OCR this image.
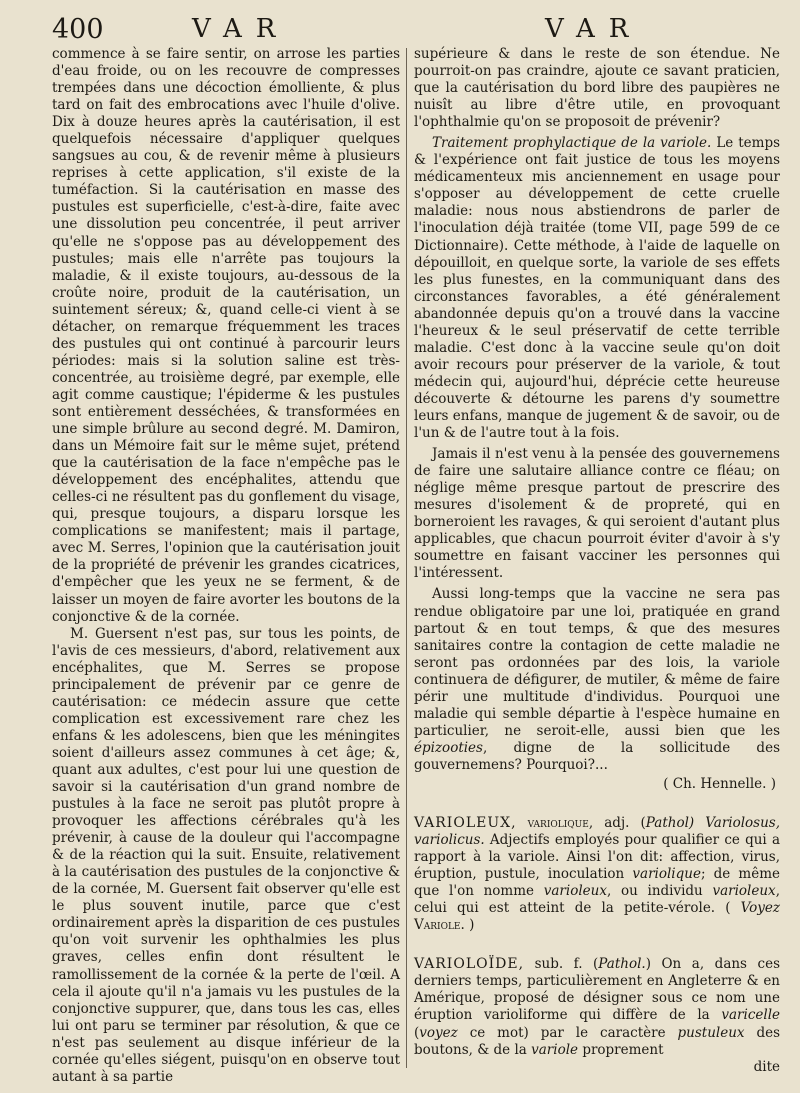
400	VAR	VAR

commence à se faire sentir, on arrose les parties d'eau froide, ou on les recouvre de compresses trempées dans une décoction émolliente, & plus tard on fait des embrocations avec l'huile d'olive. Dix à douze heures après la cautérisation, il est quelquefois nécessaire d'appliquer quelques sangsues au cou, & de revenir même à plusieurs reprises à cette application, s'il existe de la tuméfaction. Si la cautérisation en masse des pustules est superficielle, c'est-à-dire, faite avec une dissolution peu concentrée, il peut arriver qu'elle ne s'oppose pas au développement des pustules; mais elle n'arrête pas toujours la maladie, & il existe toujours, au-dessous de la croûte noire, produit de la cautérisation, un suintement séreux; &, quand celle-ci vient à se détacher, on remarque fréquemment les traces des pustules qui ont continué à parcourir leurs périodes: mais si la solution saline est très-concentrée, au troisième degré, par exemple, elle agit comme caustique; l'épiderme & les pustules sont entièrement desséchées, & transformées en une simple brûlure au second degré. M. Damiron, dans un Mémoire fait sur le même sujet, prétend que la cautérisation de la face n'empêche pas le développement des encéphalites, attendu que celles-ci ne résultent pas du gonflement du visage, qui, presque toujours, a disparu lorsque les complications se manifestent; mais il partage, avec M. Serres, l'opinion que la cautérisation jouit de la propriété de prévenir les grandes cicatrices, d'empêcher que les yeux ne se ferment, & de laisser un moyen de faire avorter les boutons de la conjonctive & de la cornée.

M. Guersent n'est pas, sur tous les points, de l'avis de ces messieurs, d'abord, relativement aux encéphalites, que M. Serres se propose principalement de prévenir par ce genre de cautérisation: ce médecin assure que cette complication est excessivement rare chez les enfans & les adolescens, bien que les méningites soient d'ailleurs assez communes à cet âge; &, quant aux adultes, c'est pour lui une question de savoir si la cautérisation d'un grand nombre de pustules à la face ne seroit pas plutôt propre à provoquer les affections cérébrales qu'à les prévenir, à cause de la douleur qui l'accompagne & de la réaction qui la suit. Ensuite, relativement à la cautérisation des pustules de la conjonctive & de la cornée, M. Guersent fait observer qu'elle est le plus souvent inutile, parce que c'est ordinairement après la disparition de ces pustules qu'on voit survenir les ophthalmies les plus graves, celles enfin dont résultent le ramollissement de la cornée & la perte de l'œil. A cela il ajoute qu'il n'a jamais vu les pustules de la conjonctive suppurer, que, dans tous les cas, elles lui ont paru se terminer par résolution, & que ce n'est pas seulement au disque inférieur de la cornée qu'elles siégent, puisqu'on en observe tout autant à sa partie

supérieure & dans le reste de son étendue. Ne pourroit-on pas craindre, ajoute ce savant praticien, que la cautérisation du bord libre des paupières ne nuisît au libre d'être utile, en provoquant l'ophthalmie qu'on se proposoit de prévenir?

Traitement prophylactique de la variole. Le temps & l'expérience ont fait justice de tous les moyens médicamenteux mis anciennement en usage pour s'opposer au développement de cette cruelle maladie: nous nous abstiendrons de parler de l'inoculation déjà traitée (tome VII, page 599 de ce Dictionnaire). Cette méthode, à l'aide de laquelle on dépouilloit, en quelque sorte, la variole de ses effets les plus funestes, en la communiquant dans des circonstances favorables, a été généralement abandonnée depuis qu'on a trouvé dans la vaccine l'heureux & le seul préservatif de cette terrible maladie. C'est donc à la vaccine seule qu'on doit avoir recours pour préserver de la variole, & tout médecin qui, aujourd'hui, déprécie cette heureuse découverte & détourne les parens d'y soumettre leurs enfans, manque de jugement & de savoir, ou de l'un & de l'autre tout à la fois.

Jamais il n'est venu à la pensée des gouvernemens de faire une salutaire alliance contre ce fléau; on néglige même presque partout de prescrire des mesures d'isolement & de propreté, qui en borneroient les ravages, & qui seroient d'autant plus applicables, que chacun pourroit éviter d'avoir à s'y soumettre en faisant vacciner les personnes qui l'intéressent.

Aussi long-temps que la vaccine ne sera pas rendue obligatoire par une loi, pratiquée en grand partout & en tout temps, & que des mesures sanitaires contre la contagion de cette maladie ne seront pas ordonnées par des lois, la variole continuera de défigurer, de mutiler, & même de faire périr une multitude d'individus. Pourquoi une maladie qui semble départie à l'espèce humaine en particulier, ne seroit-elle, aussi bien que les épizooties, digne de la sollicitude des gouvernemens? Pourquoi?...

( Ch. Hennelle. )

VARIOLEUX, variolique, adj. (Pathol) Variolosus, variolicus. Adjectifs employés pour qualifier ce qui a rapport à la variole. Ainsi l'on dit: affection, virus, éruption, pustule, inoculation variolique; de même que l'on nomme varioleux, ou individu varioleux, celui qui est atteint de la petite-vérole. ( Voyez Variole. )

VARIOLOÏDE, sub. f. (Pathol.) On a, dans ces derniers temps, particulièrement en Angleterre & en Amérique, proposé de désigner sous ce nom une éruption varioliforme qui diffère de la varicelle (voyez ce mot) par le caractère pustuleux des boutons, & de la variole proprement

dite
